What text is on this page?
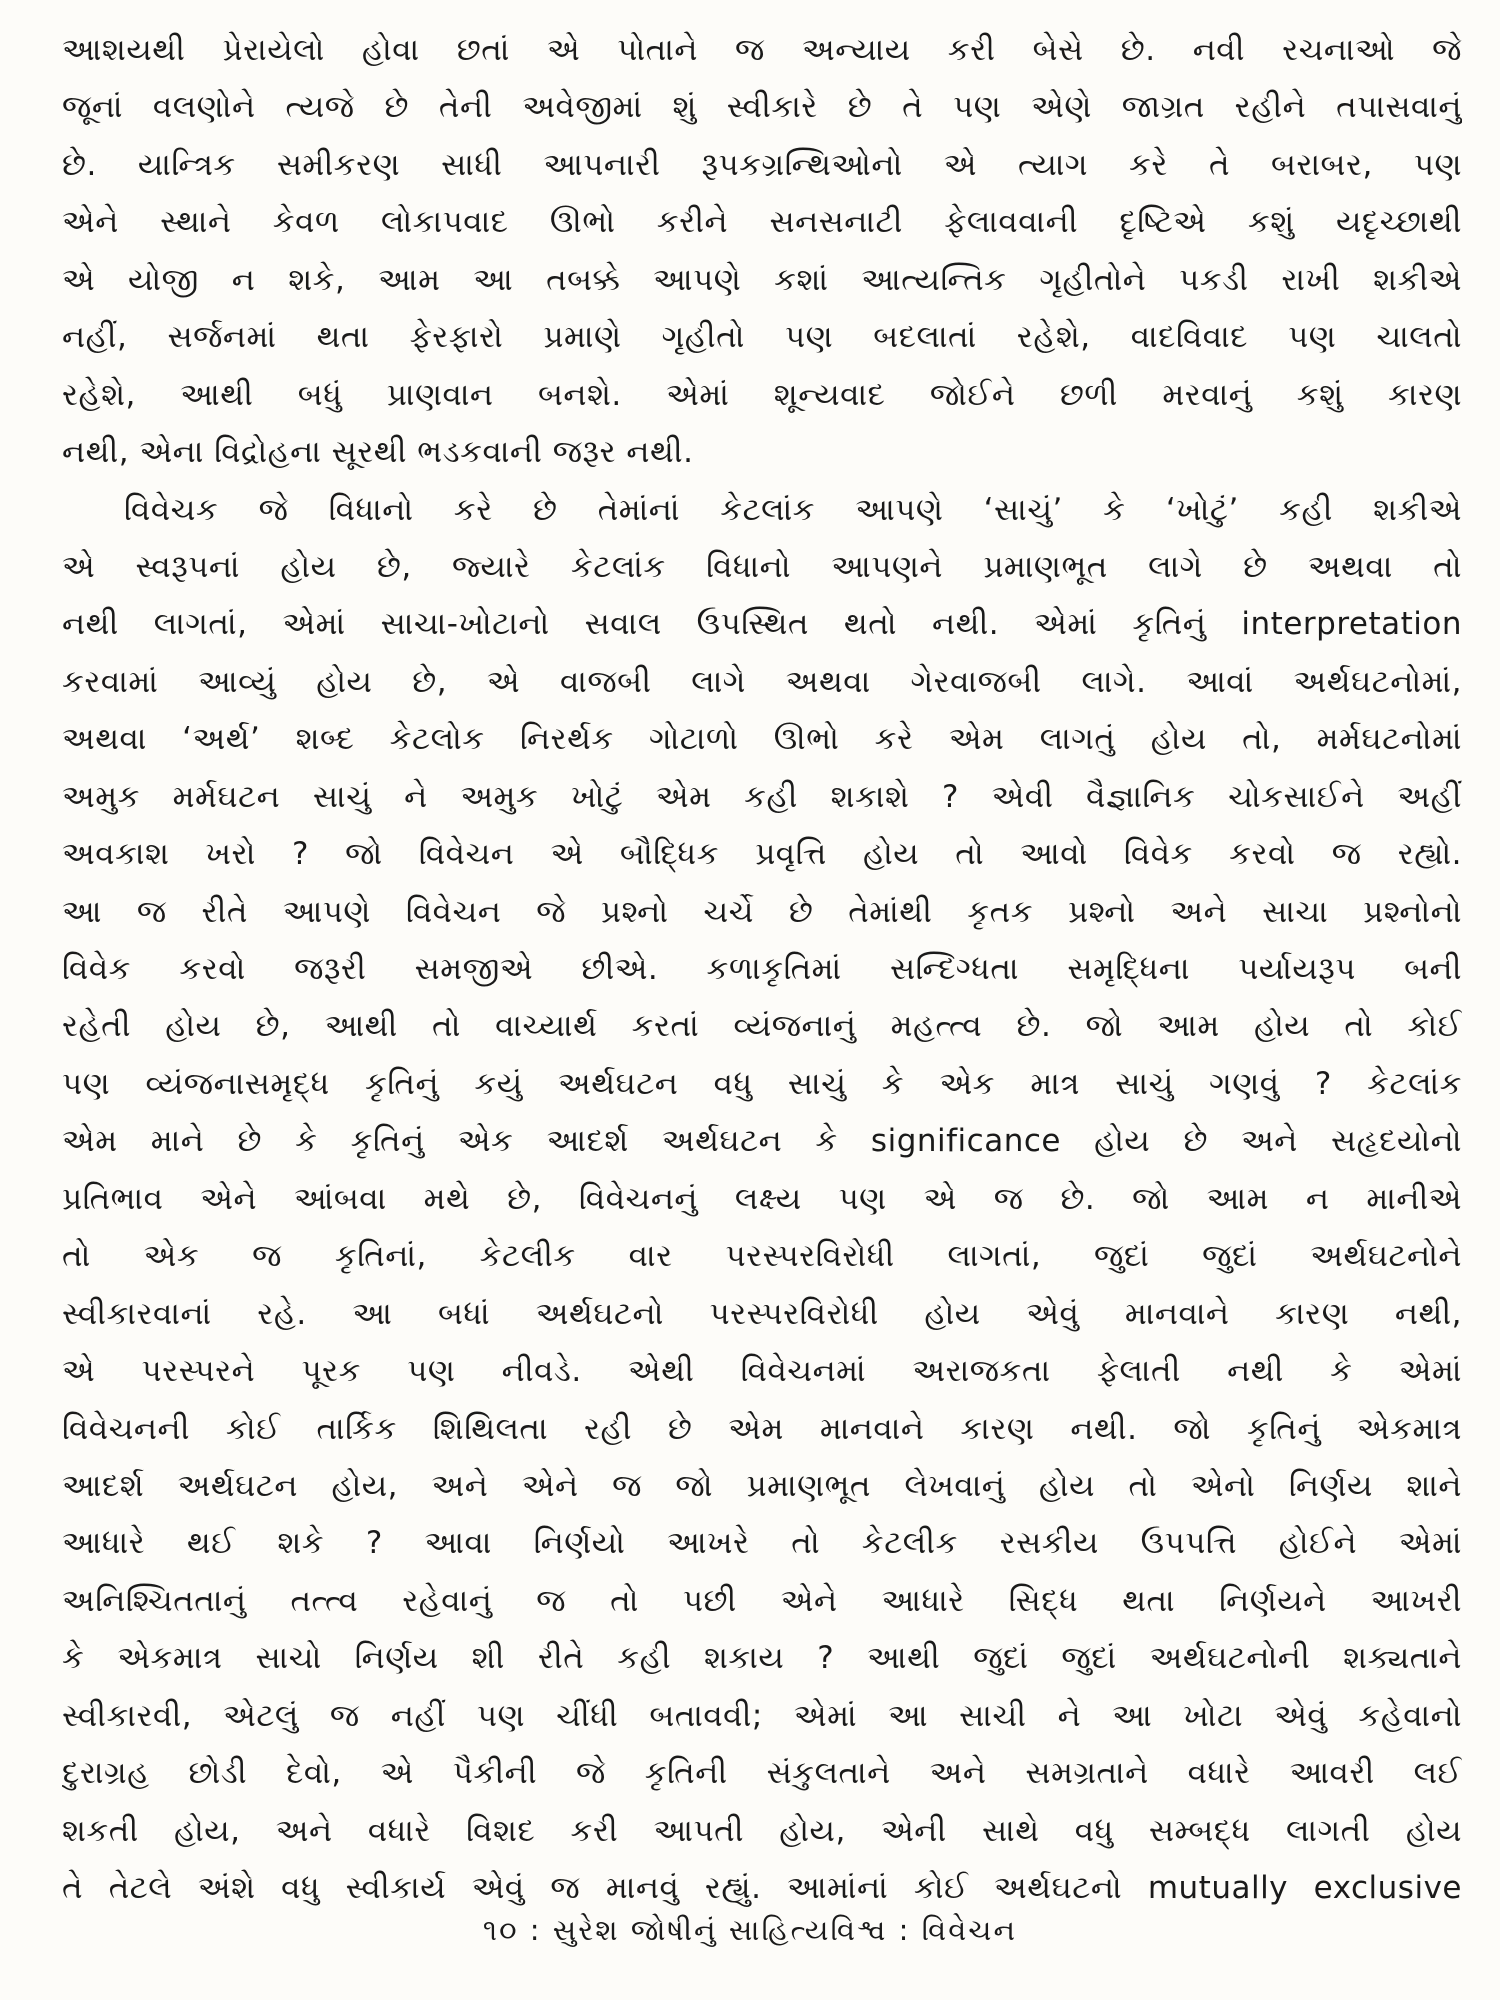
આશયથી પ્રેરાયેલો હોવા છતાં એ પોતાને જ અન્યાય કરી બેસે છે. નવી રચનાઓ જે
જૂનાં વલણોને ત્યજે છે તેની અવેજીમાં શું સ્વીકારે છે તે પણ એણે જાગ્રત રહીને તપાસવાનું
છે. યાન્ત્રિક સમીકરણ સાધી આપનારી રૂપકગ્રન્થિઓનો એ ત્યાગ કરે તે બરાબર, પણ
એને સ્થાને કેવળ લોકાપવાદ ઊભો કરીને સનસનાટી ફેલાવવાની દૃષ્ટિએ કશું યદૃચ્છાથી
એ યોજી ન શકે, આમ આ તબક્કે આપણે કશાં આત્યન્તિક ગૃહીતોને પકડી રાખી શકીએ
નહીં, સર્જનમાં થતા ફેરફારો પ્રમાણે ગૃહીતો પણ બદલાતાં રહેશે, વાદવિવાદ પણ ચાલતો
રહેશે, આથી બધું પ્રાણવાન બનશે. એમાં શૂન્યવાદ જોઈને છળી મરવાનું કશું કારણ
નથી, એના વિદ્રોહના સૂરથી ભડકવાની જરૂર નથી.
વિવેચક જે વિધાનો કરે છે તેમાંનાં કેટલાંક આપણે ‘સાચું’ કે ‘ખોટું’ કહી શકીએ
એ સ્વરૂપનાં હોય છે, જ્યારે કેટલાંક વિધાનો આપણને પ્રમાણભૂત લાગે છે અથવા તો
નથી લાગતાં, એમાં સાચા-ખોટાનો સવાલ ઉપસ્થિત થતો નથી. એમાં કૃતિનું interpretation
કરવામાં આવ્યું હોય છે, એ વાજબી લાગે અથવા ગેરવાજબી લાગે. આવાં અર્થઘટનોમાં,
અથવા ‘અર્થ’ શબ્દ કેટલોક નિરર્થક ગોટાળો ઊભો કરે એમ લાગતું હોય તો, મર્મઘટનોમાં
અમુક મર્મઘટન સાચું ને અમુક ખોટું એમ કહી શકાશે ? એવી વૈજ્ઞાનિક ચોકસાઈને અહીં
અવકાશ ખરો ? જો વિવેચન એ બૌદ્ધિક પ્રવૃત્તિ હોય તો આવો વિવેક કરવો જ રહ્યો.
આ જ રીતે આપણે વિવેચન જે પ્રશ્નો ચર્ચે છે તેમાંથી કૃતક પ્રશ્નો અને સાચા પ્રશ્નોનો
વિવેક કરવો જરૂરી સમજીએ છીએ. કળાકૃતિમાં સન્દિગ્ધતા સમૃદ્ધિના પર્યાયરૂપ બની
રહેતી હોય છે, આથી તો વાચ્યાર્થ કરતાં વ્યંજનાનું મહત્ત્વ છે. જો આમ હોય તો કોઈ
પણ વ્યંજનાસમૃદ્ધ કૃતિનું કયું અર્થઘટન વધુ સાચું કે એક માત્ર સાચું ગણવું ? કેટલાંક
એમ માને છે કે કૃતિનું એક આદર્શ અર્થઘટન કે significance હોય છે અને સહૃદયોનો
પ્રતિભાવ એને આંબવા મથે છે, વિવેચનનું લક્ષ્ય પણ એ જ છે. જો આમ ન માનીએ
તો એક જ કૃતિનાં, કેટલીક વાર પરસ્પરવિરોધી લાગતાં, જુદાં જુદાં અર્થઘટનોને
સ્વીકારવાનાં રહે. આ બધાં અર્થઘટનો પરસ્પરવિરોધી હોય એવું માનવાને કારણ નથી,
એ પરસ્પરને પૂરક પણ નીવડે. એથી વિવેચનમાં અરાજકતા ફેલાતી નથી કે એમાં
વિવેચનની કોઈ તાર્કિક શિથિલતા રહી છે એમ માનવાને કારણ નથી. જો કૃતિનું એકમાત્ર
આદર્શ અર્થઘટન હોય, અને એને જ જો પ્રમાણભૂત લેખવાનું હોય તો એનો નિર્ણય શાને
આધારે થઈ શકે ? આવા નિર્ણયો આખરે તો કેટલીક રસકીય ઉપપત્તિ હોઈને એમાં
અનિશ્ચિતતાનું તત્ત્વ રહેવાનું જ તો પછી એને આધારે સિદ્ધ થતા નિર્ણયને આખરી
કે એકમાત્ર સાચો નિર્ણય શી રીતે કહી શકાય ? આથી જુદાં જુદાં અર્થઘટનોની શક્યતાને
સ્વીકારવી, એટલું જ નહીં પણ ચીંધી બતાવવી; એમાં આ સાચી ને આ ખોટા એવું કહેવાનો
દુરાગ્રહ છોડી દેવો, એ પૈકીની જે કૃતિની સંકુલતાને અને સમગ્રતાને વધારે આવરી લઈ
શકતી હોય, અને વધારે વિશદ કરી આપતી હોય, એની સાથે વધુ સમ્બદ્ધ લાગતી હોય
તે તેટલે અંશે વધુ સ્વીકાર્ય એવું જ માનવું રહ્યું. આમાંનાં કોઈ અર્થઘટનો mutually exclusive
૧૦ : સુરેશ જોષીનું સાહિત્યવિશ્વ : વિવેચન
